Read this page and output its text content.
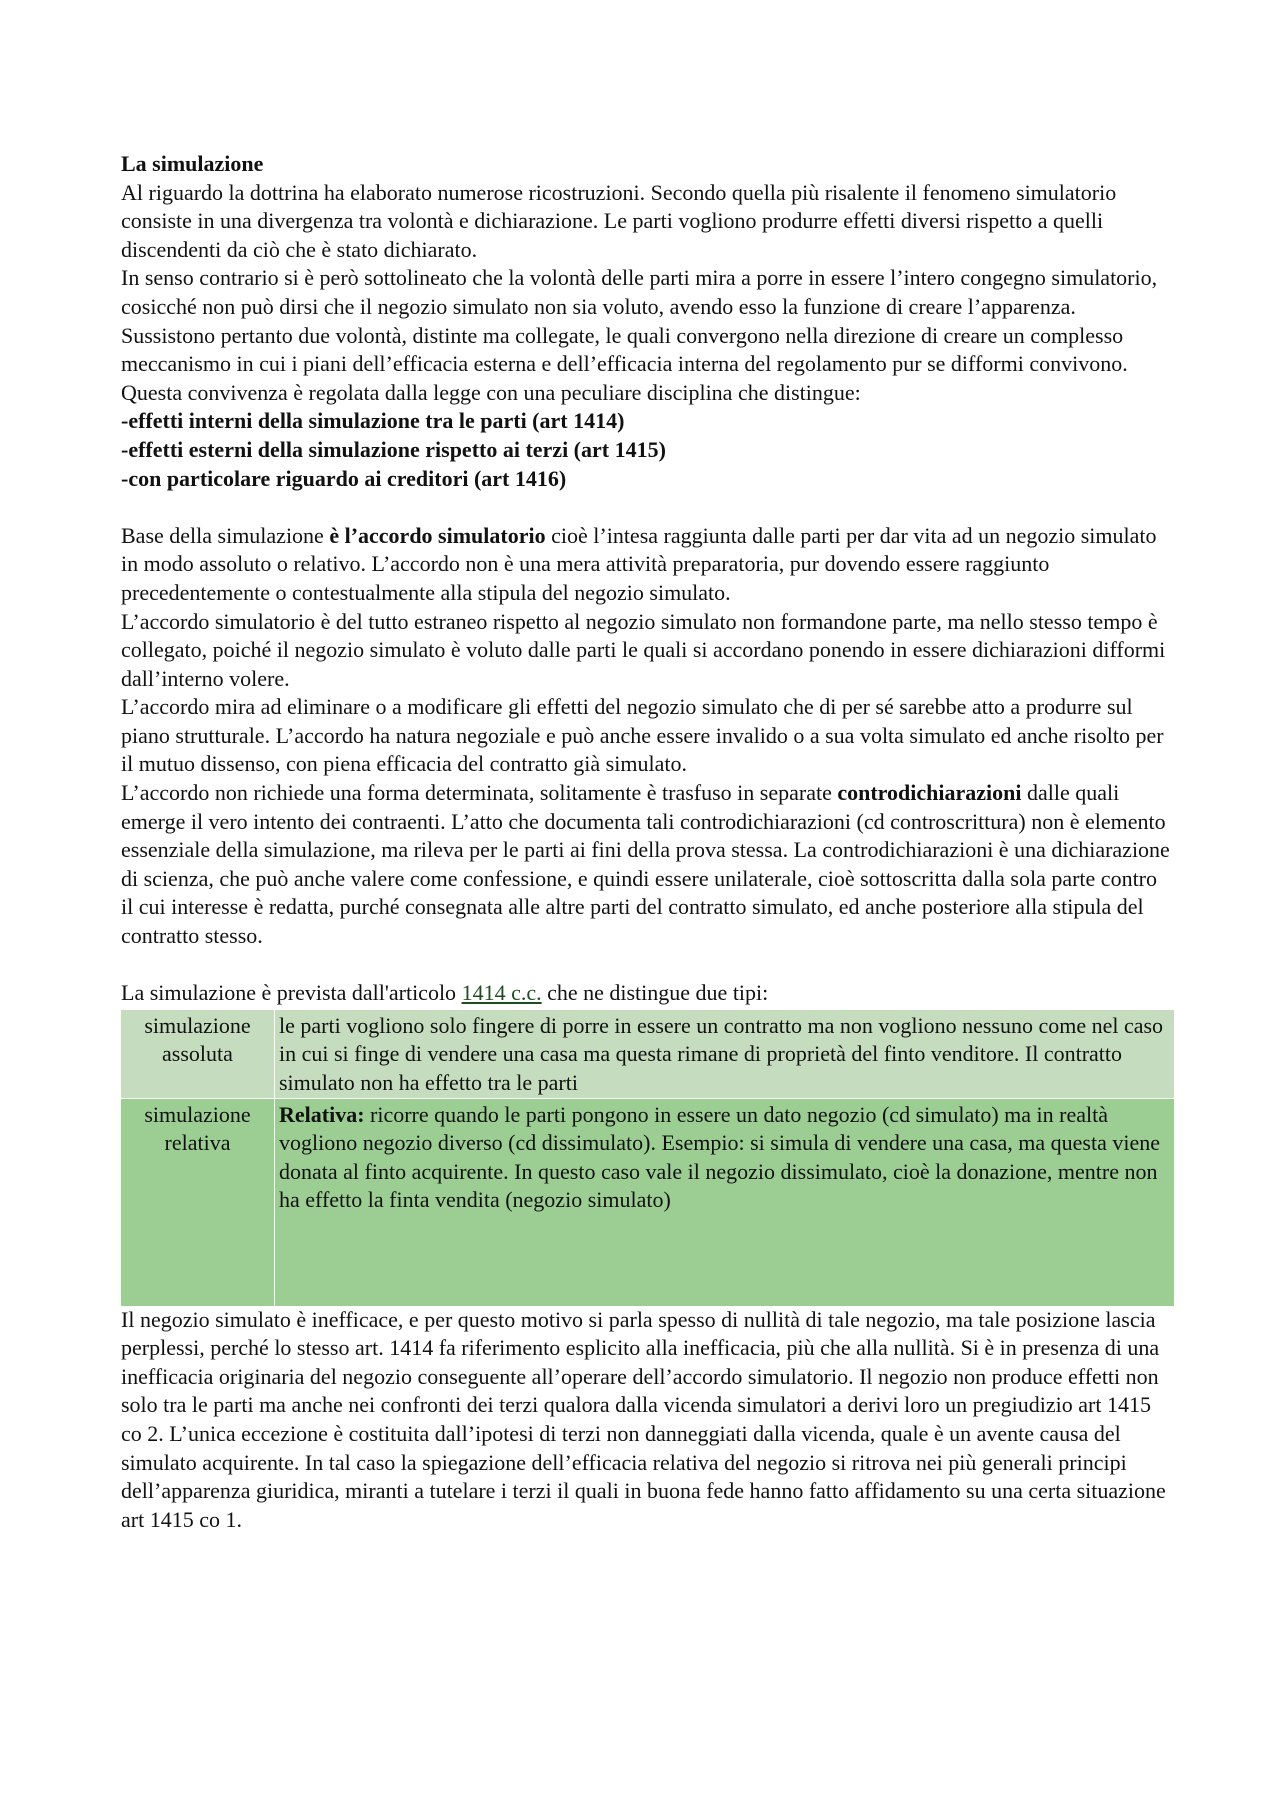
La simulazione
Al riguardo la dottrina ha elaborato numerose ricostruzioni. Secondo quella più risalente il fenomeno simulatorio consiste in una divergenza tra volontà e dichiarazione. Le parti vogliono produrre effetti diversi rispetto a quelli discendenti da ciò che è stato dichiarato.
In senso contrario si è però sottolineato che la volontà delle parti mira a porre in essere l’intero congegno simulatorio, cosicché non può dirsi che il negozio simulato non sia voluto, avendo esso la funzione di creare l’apparenza. Sussistono pertanto due volontà, distinte ma collegate, le quali convergono nella direzione di creare un complesso meccanismo in cui i piani dell’efficacia esterna e dell’efficacia interna del regolamento pur se difformi convivono.
Questa convivenza è regolata dalla legge con una peculiare disciplina che distingue:
-effetti interni della simulazione tra le parti (art 1414)
-effetti esterni della simulazione rispetto ai terzi (art 1415)
-con particolare riguardo ai creditori (art 1416)
Base della simulazione è l’accordo simulatorio cioè l’intesa raggiunta dalle parti per dar vita ad un negozio simulato in modo assoluto o relativo. L’accordo non è una mera attività preparatoria, pur dovendo essere raggiunto precedentemente o contestualmente alla stipula del negozio simulato.
L’accordo simulatorio è del tutto estraneo rispetto al negozio simulato non formandone parte, ma nello stesso tempo è collegato, poiché il negozio simulato è voluto dalle parti le quali si accordano ponendo in essere dichiarazioni difformi dall’interno volere.
L’accordo mira ad eliminare o a modificare gli effetti del negozio simulato che di per sé sarebbe atto a produrre sul piano strutturale. L’accordo ha natura negoziale e può anche essere invalido o a sua volta simulato ed anche risolto per il mutuo dissenso, con piena efficacia del contratto già simulato.
L’accordo non richiede una forma determinata, solitamente è trasfuso in separate controdichiarazioni dalle quali emerge il vero intento dei contraenti. L’atto che documenta tali controdichiarazioni (cd controscrittura) non è elemento essenziale della simulazione, ma rileva per le parti ai fini della prova stessa. La controdichiarazioni è una dichiarazione di scienza, che può anche valere come confessione, e quindi essere unilaterale, cioè sottoscritta dalla sola parte contro il cui interesse è redatta, purché consegnata alle altre parti del contratto simulato, ed anche posteriore alla stipula del contratto stesso.
La simulazione è prevista dall'articolo 1414 c.c. che ne distingue due tipi:
simulazione assoluta	le parti vogliono solo fingere di porre in essere un contratto ma non vogliono nessuno come nel caso in cui si finge di vendere una casa ma questa rimane di proprietà del finto venditore. Il contratto simulato non ha effetto tra le parti
simulazione relativa	Relativa: ricorre quando le parti pongono in essere un dato negozio (cd simulato) ma in realtà vogliono negozio diverso (cd dissimulato). Esempio: si simula di vendere una casa, ma questa viene donata al finto acquirente. In questo caso vale il negozio dissimulato, cioè la donazione, mentre non ha effetto la finta vendita (negozio simulato)
Il negozio simulato è inefficace, e per questo motivo si parla spesso di nullità di tale negozio, ma tale posizione lascia perplessi, perché lo stesso art. 1414 fa riferimento esplicito alla inefficacia, più che alla nullità. Si è in presenza di una inefficacia originaria del negozio conseguente all’operare dell’accordo simulatorio. Il negozio non produce effetti non solo tra le parti ma anche nei confronti dei terzi qualora dalla vicenda simulatori a derivi loro un pregiudizio art 1415 co 2. L’unica eccezione è costituita dall’ipotesi di terzi non danneggiati dalla vicenda, quale è un avente causa del simulato acquirente. In tal caso la spiegazione dell’efficacia relativa del negozio si ritrova nei più generali principi dell’apparenza giuridica, miranti a tutelare i terzi il quali in buona fede hanno fatto affidamento su una certa situazione art 1415 co 1.
